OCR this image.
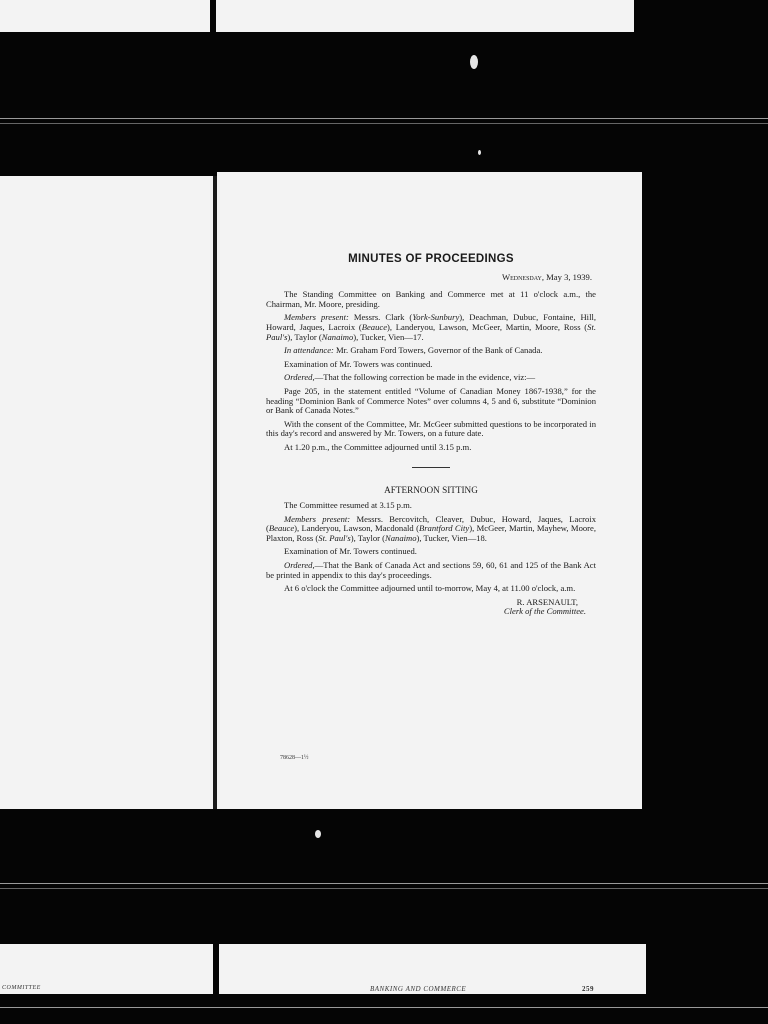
MINUTES OF PROCEEDINGS

Wednesday, May 3, 1939.

The Standing Committee on Banking and Commerce met at 11 o'clock a.m., the Chairman, Mr. Moore, presiding.

Members present: Messrs. Clark (York-Sunbury), Deachman, Dubuc, Fontaine, Hill, Howard, Jaques, Lacroix (Beauce), Landeryou, Lawson, McGeer, Martin, Moore, Ross (St. Paul's), Taylor (Nanaimo), Tucker, Vien—17.

In attendance: Mr. Graham Ford Towers, Governor of the Bank of Canada.

Examination of Mr. Towers was continued.

Ordered,—That the following correction be made in the evidence, viz:—

Page 205, in the statement entitled “Volume of Canadian Money 1867-1938,” for the heading “Dominion Bank of Commerce Notes” over columns 4, 5 and 6, substitute “Dominion or Bank of Canada Notes.”

With the consent of the Committee, Mr. McGeer submitted questions to be incorporated in this day's record and answered by Mr. Towers, on a future date.

At 1.20 p.m., the Committee adjourned until 3.15 p.m.

AFTERNOON SITTING

The Committee resumed at 3.15 p.m.

Members present: Messrs. Bercovitch, Cleaver, Dubuc, Howard, Jaques, Lacroix (Beauce), Landeryou, Lawson, Macdonald (Brantford City), McGeer, Martin, Mayhew, Moore, Plaxton, Ross (St. Paul's), Taylor (Nanaimo), Tucker, Vien—18.

Examination of Mr. Towers continued.

Ordered,—That the Bank of Canada Act and sections 59, 60, 61 and 125 of the Bank Act be printed in appendix to this day's proceedings.

At 6 o'clock the Committee adjourned until to-morrow, May 4, at 11.00 o'clock, a.m.

R. ARSENAULT,

Clerk of the Committee.

78628—1½
COMMITTEE	BANKING AND COMMERCE	259
